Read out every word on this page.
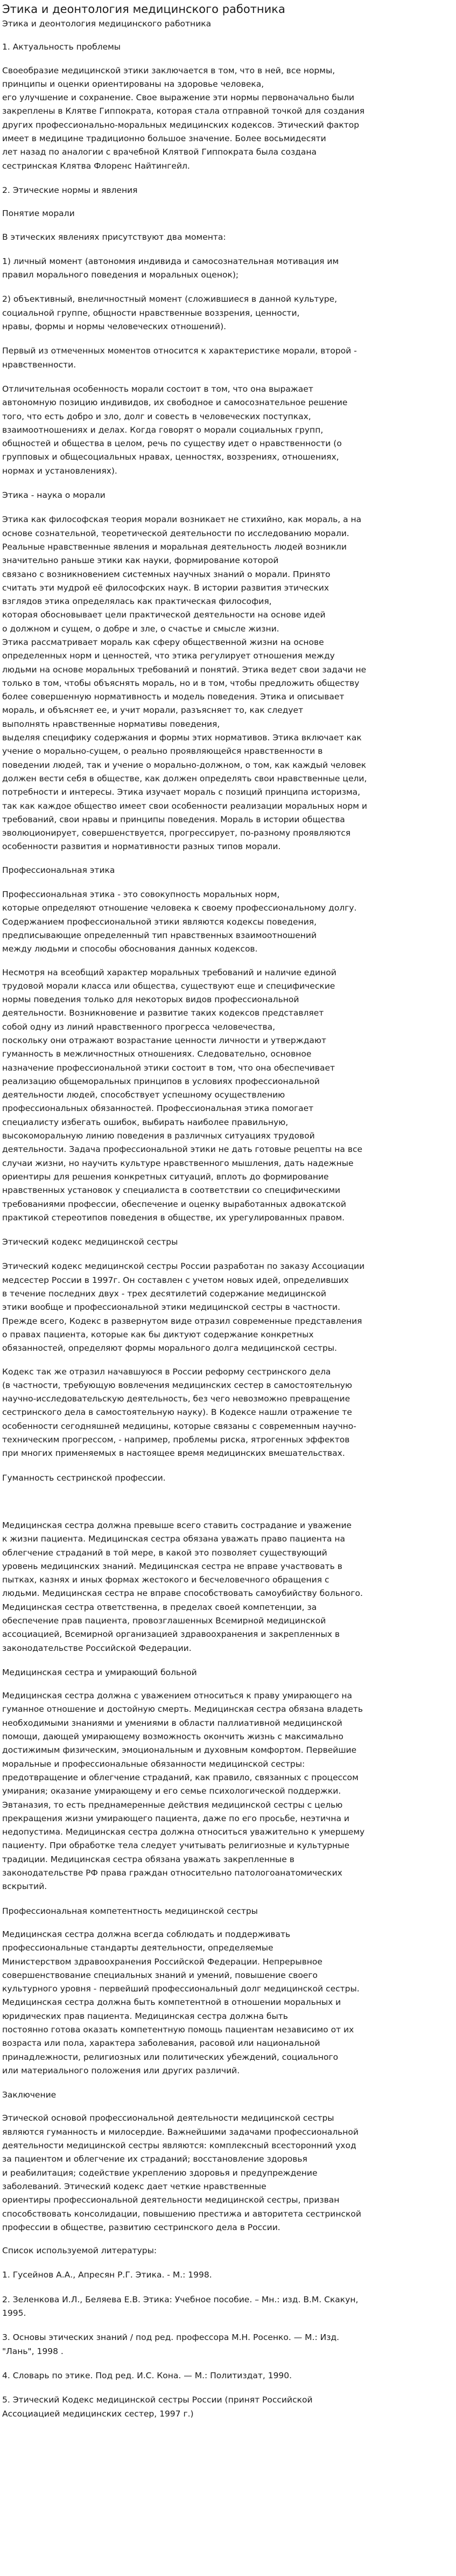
Этика и деонтология медицинского работника

Этика и деонтология медицинского работника

1. Актуальность проблемы

Своеобразие медицинской этики заключается в том, что в ней, все нормы,
принципы и оценки ориентированы на здоровье человека,
его улучшение и сохранение. Свое выражение эти нормы первоначально были
закреплены в Клятве Гиппократа, которая стала отправной точкой для создания
других профессионально-моральных медицинских кодексов. Этический фактор
имеет в медицине традиционно большое значение. Более восьмидесяти
лет назад по аналогии с врачебной Клятвой Гиппократа была создана
сестринская Клятва Флоренс Найтингейл.

2. Этические нормы и явления

Понятие морали

В этических явлениях присутствуют два момента:

1) личный момент (автономия индивида и самосознательная мотивация им
правил морального поведения и моральных оценок);

2) объективный, внеличностный момент (сложившиеся в данной культуре,
социальной группе, общности нравственные воззрения, ценности,
нравы, формы и нормы человеческих отношений).

Первый из отмеченных моментов относится к характеристике морали, второй -
нравственности.

Отличительная особенность морали состоит в том, что она выражает
автономную позицию индивидов, их свободное и самосознательное решение
того, что есть добро и зло, долг и совесть в человеческих поступках,
взаимоотношениях и делах. Когда говорят о морали социальных групп,
общностей и общества в целом, речь по существу идет о нравственности (о
групповых и общесоциальных нравах, ценностях, воззрениях, отношениях,
нормах и установлениях).

Этика - наука о морали

Этика как философская теория морали возникает не стихийно, как мораль, а на
основе сознательной, теоретической деятельности по исследованию морали.
Реальные нравственные явления и моральная деятельность людей возникли
значительно раньше этики как науки, формирование которой
связано с возникновением системных научных знаний о морали. Принято
считать эти мудрой её философских наук. В истории развития этических
взглядов этика определялась как практическая философия,
которая обосновывает цели практической деятельности на основе идей
о должном и сущем, о добре и зле, о счастье и смысле жизни.
Этика рассматривает мораль как сферу общественной жизни на основе
определенных норм и ценностей, что этика регулирует отношения между
людьми на основе моральных требований и понятий. Этика ведет свои задачи не
только в том, чтобы объяснять мораль, но и в том, чтобы предложить обществу
более совершенную нормативность и модель поведения. Этика и описывает
мораль, и объясняет ее, и учит морали, разъясняет то, как следует
выполнять нравственные нормативы поведения,
выделяя специфику содержания и формы этих нормативов. Этика включает как
учение о морально-сущем, о реально проявляющейся нравственности в
поведении людей, так и учение о морально-должном, о том, как каждый человек
должен вести себя в обществе, как должен определять свои нравственные цели,
потребности и интересы. Этика изучает мораль с позиций принципа историзма,
так как каждое общество имеет свои особенности реализации моральных норм и
требований, свои нравы и принципы поведения. Мораль в истории общества
эволюционирует, совершенствуется, прогрессирует, по-разному проявляются
особенности развития и нормативности разных типов морали.

Профессиональная этика

Профессиональная этика - это совокупность моральных норм,
которые определяют отношение человека к своему профессиональному долгу.
Содержанием профессиональной этики являются кодексы поведения,
предписывающие определенный тип нравственных взаимоотношений
между людьми и способы обоснования данных кодексов.

Несмотря на всеобщий характер моральных требований и наличие единой
трудовой морали класса или общества, существуют еще и специфические
нормы поведения только для некоторых видов профессиональной
деятельности. Возникновение и развитие таких кодексов представляет
собой одну из линий нравственного прогресса человечества,
поскольку они отражают возрастание ценности личности и утверждают
гуманность в межличностных отношениях. Следовательно, основное
назначение профессиональной этики состоит в том, что она обеспечивает
реализацию общеморальных принципов в условиях профессиональной
деятельности людей, способствует успешному осуществлению
профессиональных обязанностей. Профессиональная этика помогает
специалисту избегать ошибок, выбирать наиболее правильную,
высокоморальную линию поведения в различных ситуациях трудовой
деятельности. Задача профессиональной этики не дать готовые рецепты на все
случаи жизни, но научить культуре нравственного мышления, дать надежные
ориентиры для решения конкретных ситуаций, вплоть до формирование
нравственных установок у специалиста в соответствии со специфическими
требованиями профессии, обеспечение и оценку выработанных адвокатской
практикой стереотипов поведения в обществе, их урегулированных правом.

Этический кодекс медицинской сестры

Этический кодекс медицинской сестры России разработан по заказу Ассоциации
медсестер России в 1997г. Он составлен с учетом новых идей, определивших
в течение последних двух - трех десятилетий содержание медицинской
этики вообще и профессиональной этики медицинской сестры в частности.
Прежде всего, Кодекс в развернутом виде отразил современные представления
о правах пациента, которые как бы диктуют содержание конкретных
обязанностей, определяют формы морального долга медицинской сестры.

Кодекс так же отразил начавшуюся в России реформу сестринского дела
(в частности, требующую вовлечения медицинских сестер в самостоятельную
научно-исследовательскую деятельность, без чего невозможно превращение
сестринского дела в самостоятельную науку). В Кодексе нашли отражение те
особенности сегодняшней медицины, которые связаны с современным научно-
техническим прогрессом, - например, проблемы риска, ятрогенных эффектов
при многих применяемых в настоящее время медицинских вмешательствах.

Гуманность сестринской профессии.

Медицинская сестра должна превыше всего ставить сострадание и уважение
к жизни пациента. Медицинская сестра обязана уважать право пациента на
облегчение страданий в той мере, в какой это позволяет существующий
уровень медицинских знаний. Медицинская сестра не вправе участвовать в
пытках, казнях и иных формах жестокого и бесчеловечного обращения с
людьми. Медицинская сестра не вправе способствовать самоубийству больного.
Медицинская сестра ответственна, в пределах своей компетенции, за
обеспечение прав пациента, провозглашенных Всемирной медицинской
ассоциацией, Всемирной организацией здравоохранения и закрепленных в
законодательстве Российской Федерации.

Медицинская сестра и умирающий больной

Медицинская сестра должна с уважением относиться к праву умирающего на
гуманное отношение и достойную смерть. Медицинская сестра обязана владеть
необходимыми знаниями и умениями в области паллиативной медицинской
помощи, дающей умирающему возможность окончить жизнь с максимально
достижимым физическим, эмоциональным и духовным комфортом. Первейшие
моральные и профессиональные обязанности медицинской сестры:
предотвращение и облегчение страданий, как правило, связанных с процессом
умирания; оказание умирающему и его семье психологической поддержки.
Эвтаназия, то есть преднамеренные действия медицинской сестры с целью
прекращения жизни умирающего пациента, даже по его просьбе, неэтична и
недопустима. Медицинская сестра должна относиться уважительно к умершему
пациенту. При обработке тела следует учитывать религиозные и культурные
традиции. Медицинская сестра обязана уважать закрепленные в
законодательстве РФ права граждан относительно патологоанатомических
вскрытий.

Профессиональная компетентность медицинской сестры

Медицинская сестра должна всегда соблюдать и поддерживать
профессиональные стандарты деятельности, определяемые
Министерством здравоохранения Российской Федерации. Непрерывное
совершенствование специальных знаний и умений, повышение своего
культурного уровня - первейший профессиональный долг медицинской сестры.
Медицинская сестра должна быть компетентной в отношении моральных и
юридических прав пациента. Медицинская сестра должна быть
постоянно готова оказать компетентную помощь пациентам независимо от их
возраста или пола, характера заболевания, расовой или национальной
принадлежности, религиозных или политических убеждений, социального
или материального положения или других различий.

Заключение

Этической основой профессиональной деятельности медицинской сестры
являются гуманность и милосердие. Важнейшими задачами профессиональной
деятельности медицинской сестры являются: комплексный всесторонний уход
за пациентом и облегчение их страданий; восстановление здоровья
и реабилитация; содействие укреплению здоровья и предупреждение
заболеваний. Этический кодекс дает четкие нравственные
ориентиры профессиональной деятельности медицинской сестры, призван
способствовать консолидации, повышению престижа и авторитета сестринской
профессии в обществе, развитию сестринского дела в России.

Список используемой литературы:

1. Гусейнов А.А., Апресян Р.Г. Этика. - М.: 1998.

2. Зеленкова И.Л., Беляева Е.В. Этика: Учебное пособие. – Мн.: изд. В.М. Скакун,
1995.

3. Основы этических знаний / под ред. профессора М.Н. Росенко. — М.: Изд.
"Лань", 1998 .

4. Словарь по этике. Под ред. И.С. Кона. — М.: Политиздат, 1990.

5. Этический Кодекс медицинской сестры России (принят Российской
Ассоциацией медицинских сестер, 1997 г.)
